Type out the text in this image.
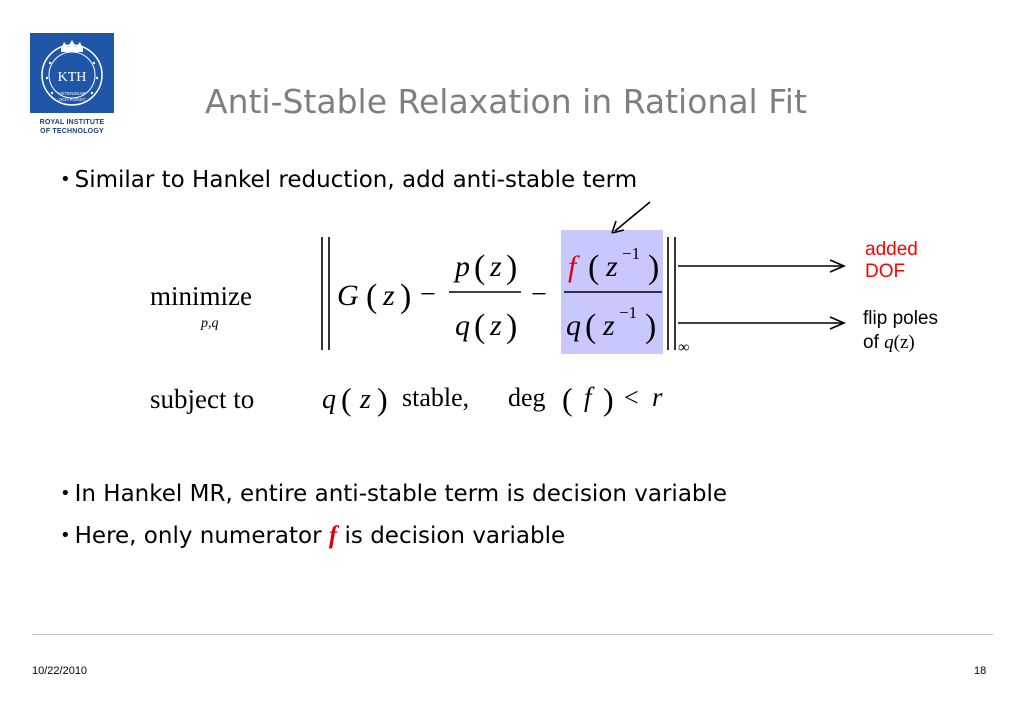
KTH
VETENSKAP
OCH KONST
ROYAL INSTITUTE
OF TECHNOLOGY
Anti-Stable Relaxation in Rational Fit
• Similar to Hankel reduction, add anti-stable term
minimize
p,q
subject to
G ( z ) −
p ( z )
q ( z )
−
f ( z −1 )
q ( z −1 )
∞
q ( z ) stable, deg ( f ) < r
added
DOF
flip poles
of q(z)
• In Hankel MR, entire anti-stable term is decision variable
• Here, only numerator f is decision variable
10/22/2010	18
